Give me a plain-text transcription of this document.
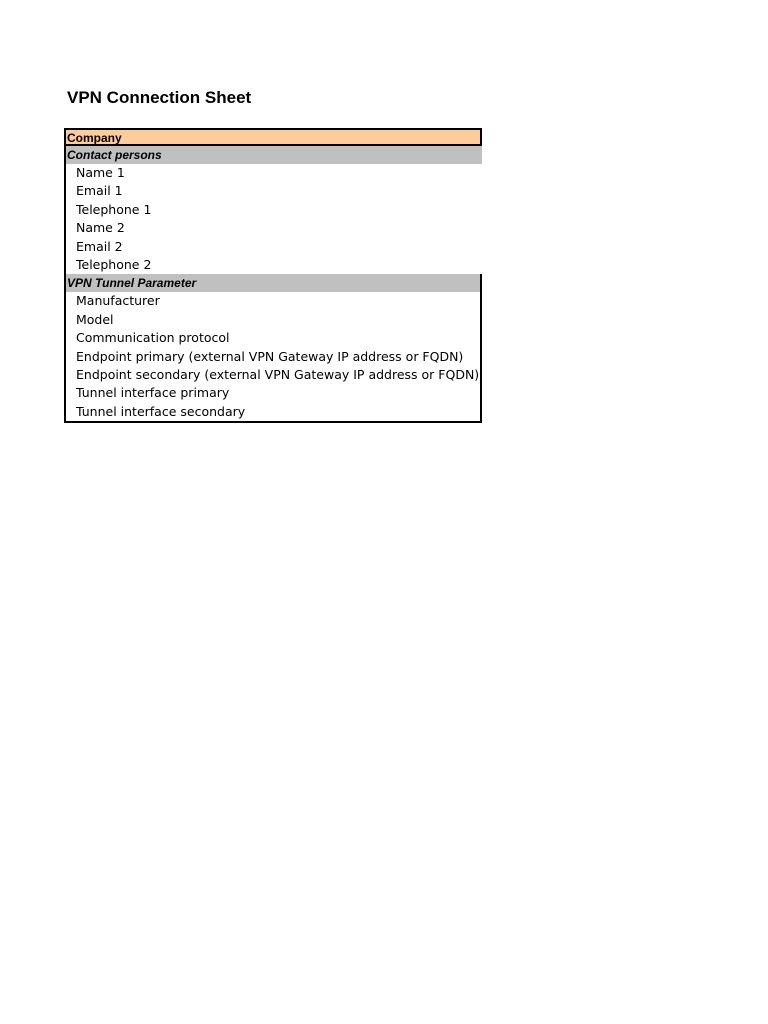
VPN Connection Sheet
Company
Contact persons
Name 1
Email 1
Telephone 1
Name 2
Email 2
Telephone 2
VPN Tunnel Parameter
Manufacturer
Model
Communication protocol
Endpoint primary (external VPN Gateway IP address or FQDN)
Endpoint secondary (external VPN Gateway IP address or FQDN)
Tunnel interface primary
Tunnel interface secondary
